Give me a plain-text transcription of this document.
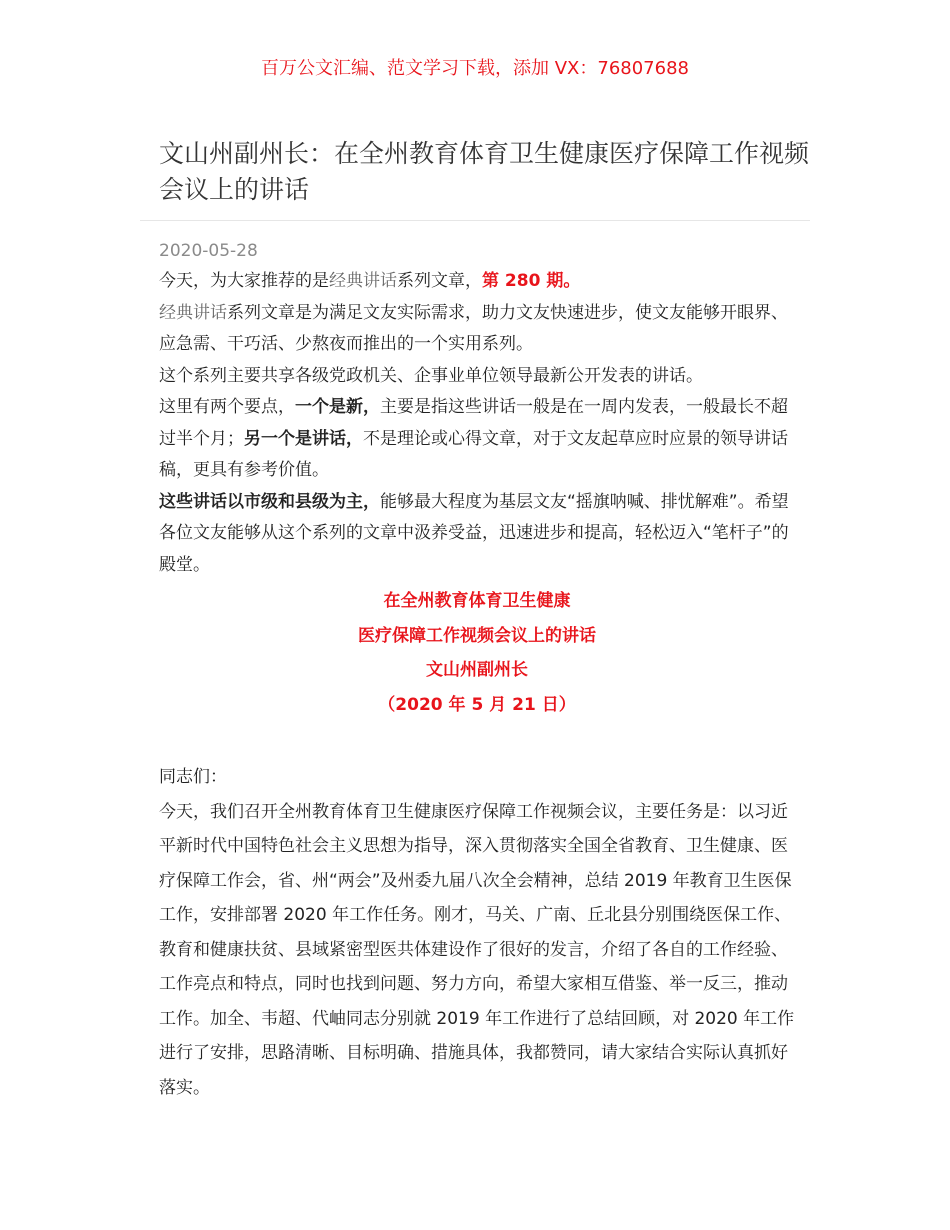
百万公文汇编、范文学习下载，添加 VX：76807688
文山州副州长：在全州教育体育卫生健康医疗保障工作视频会议上的讲话
2020-05-28

今天，为大家推荐的是经典讲话系列文章，第 280 期。

经典讲话系列文章是为满足文友实际需求，助力文友快速进步，使文友能够开眼界、应急需、干巧活、少熬夜而推出的一个实用系列。

这个系列主要共享各级党政机关、企事业单位领导最新公开发表的讲话。

这里有两个要点，一个是新，主要是指这些讲话一般是在一周内发表，一般最长不超过半个月；另一个是讲话，不是理论或心得文章，对于文友起草应时应景的领导讲话稿，更具有参考价值。

这些讲话以市级和县级为主，能够最大程度为基层文友“摇旗呐喊、排忧解难”。希望各位文友能够从这个系列的文章中汲养受益，迅速进步和提高，轻松迈入“笔杆子”的殿堂。

在全州教育体育卫生健康
医疗保障工作视频会议上的讲话
文山州副州长
（2020 年 5 月 21 日）

同志们：

今天，我们召开全州教育体育卫生健康医疗保障工作视频会议，主要任务是：以习近平新时代中国特色社会主义思想为指导，深入贯彻落实全国全省教育、卫生健康、医疗保障工作会，省、州“两会”及州委九届八次全会精神，总结 2019 年教育卫生医保工作，安排部署 2020 年工作任务。刚才，马关、广南、丘北县分别围绕医保工作、教育和健康扶贫、县域紧密型医共体建设作了很好的发言，介绍了各自的工作经验、工作亮点和特点，同时也找到问题、努力方向，希望大家相互借鉴、举一反三，推动工作。加全、韦超、代岫同志分别就 2019 年工作进行了总结回顾，对 2020 年工作进行了安排，思路清晰、目标明确、措施具体，我都赞同，请大家结合实际认真抓好落实。
